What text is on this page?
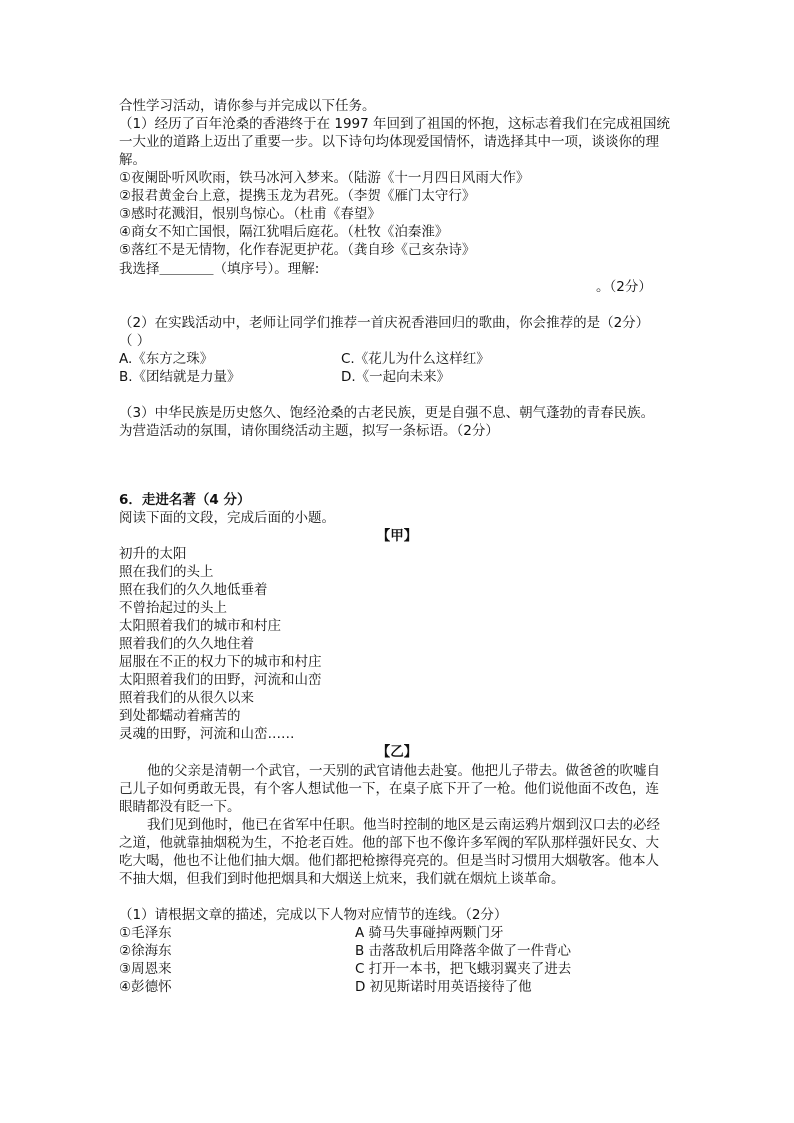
合性学习活动，请你参与并完成以下任务。
（1）经历了百年沧桑的香港终于在 1997 年回到了祖国的怀抱，这标志着我们在完成祖国统
一大业的道路上迈出了重要一步。以下诗句均体现爱国情怀，请选择其中一项，谈谈你的理
解。
①夜阑卧听风吹雨，铁马冰河入梦来。（陆游《十一月四日风雨大作》
②报君黄金台上意，提携玉龙为君死。（李贺《雁门太守行》
③感时花溅泪，恨别鸟惊心。（杜甫《春望》
④商女不知亡国恨，隔江犹唱后庭花。（杜牧《泊秦淮》
⑤落红不是无情物，化作春泥更护花。（龚自珍《己亥杂诗》
我选择＿＿＿＿（填序号）。理解:
。（2分）
（2）在实践活动中，老师让同学们推荐一首庆祝香港回归的歌曲，你会推荐的是（2分）
（ ）
A.《东方之珠》	C.《花儿为什么这样红》
B.《团结就是力量》	D.《一起向未来》
（3）中华民族是历史悠久、饱经沧桑的古老民族，更是自强不息、朝气蓬勃的青春民族。
为营造活动的氛围，请你围绕活动主题，拟写一条标语。（2分）
6．走进名著（4 分）
阅读下面的文段，完成后面的小题。
【甲】
初升的太阳
照在我们的头上
照在我们的久久地低垂着
不曾抬起过的头上
太阳照着我们的城市和村庄
照着我们的久久地住着
屈服在不正的权力下的城市和村庄
太阳照着我们的田野，河流和山峦
照着我们的从很久以来
到处都蠕动着痛苦的
灵魂的田野，河流和山峦……
【乙】
他的父亲是清朝一个武官，一天别的武官请他去赴宴。他把儿子带去。做爸爸的吹嘘自
己儿子如何勇敢无畏，有个客人想试他一下，在桌子底下开了一枪。他们说他面不改色，连
眼睛都没有眨一下。
我们见到他时，他已在省军中任职。他当时控制的地区是云南运鸦片烟到汉口去的必经
之道，他就靠抽烟税为生，不抢老百姓。他的部下也不像许多军阀的军队那样强奸民女、大
吃大喝，他也不让他们抽大烟。他们都把枪擦得亮亮的。但是当时习惯用大烟敬客。他本人
不抽大烟，但我们到时他把烟具和大烟送上炕来，我们就在烟炕上谈革命。
（1）请根据文章的描述，完成以下人物对应情节的连线。（2分）
①毛泽东	A 骑马失事碰掉两颗门牙
②徐海东	B 击落敌机后用降落伞做了一件背心
③周恩来	C 打开一本书，把飞蛾羽翼夹了进去
④彭德怀	D 初见斯诺时用英语接待了他
